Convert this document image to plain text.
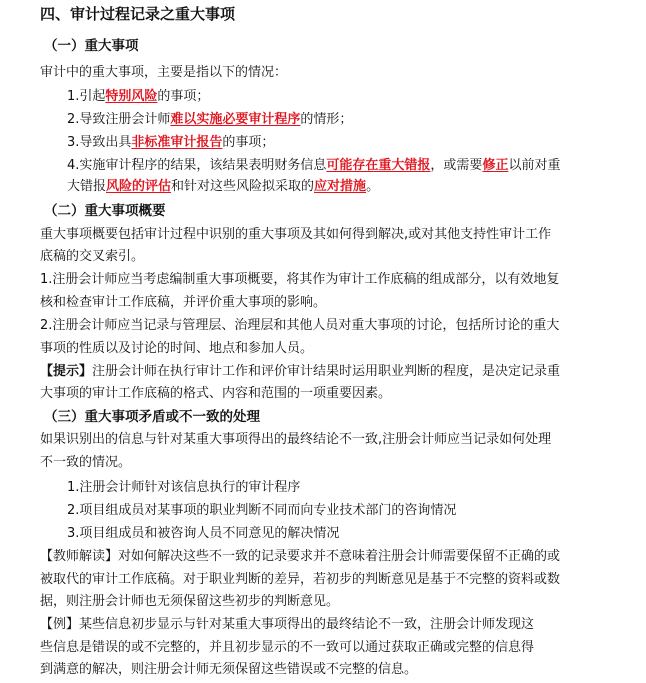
四、审计过程记录之重大事项
（一）重大事项
审计中的重大事项，主要是指以下的情况：
1.引起特别风险的事项；
2.导致注册会计师难以实施必要审计程序的情形；
3.导致出具非标准审计报告的事项；
4.实施审计程序的结果，该结果表明财务信息可能存在重大错报，或需要修正以前对重
大错报风险的评估和针对这些风险拟采取的应对措施。
（二）重大事项概要
重大事项概要包括审计过程中识别的重大事项及其如何得到解决,或对其他支持性审计工作
底稿的交叉索引。
1.注册会计师应当考虑编制重大事项概要，将其作为审计工作底稿的组成部分，以有效地复
核和检查审计工作底稿，并评价重大事项的影响。
2.注册会计师应当记录与管理层、治理层和其他人员对重大事项的讨论，包括所讨论的重大
事项的性质以及讨论的时间、地点和参加人员。
【提示】注册会计师在执行审计工作和评价审计结果时运用职业判断的程度，是决定记录重
大事项的审计工作底稿的格式、内容和范围的一项重要因素。
（三）重大事项矛盾或不一致的处理
如果识别出的信息与针对某重大事项得出的最终结论不一致,注册会计师应当记录如何处理
不一致的情况。
1.注册会计师针对该信息执行的审计程序
2.项目组成员对某事项的职业判断不同而向专业技术部门的咨询情况
3.项目组成员和被咨询人员不同意见的解决情况
【教师解读】对如何解决这些不一致的记录要求并不意味着注册会计师需要保留不正确的或
被取代的审计工作底稿。对于职业判断的差异，若初步的判断意见是基于不完整的资料或数
据，则注册会计师也无须保留这些初步的判断意见。
【例】某些信息初步显示与针对某重大事项得出的最终结论不一致，注册会计师发现这
些信息是错误的或不完整的，并且初步显示的不一致可以通过获取正确或完整的信息得
到满意的解决，则注册会计师无须保留这些错误或不完整的信息。
